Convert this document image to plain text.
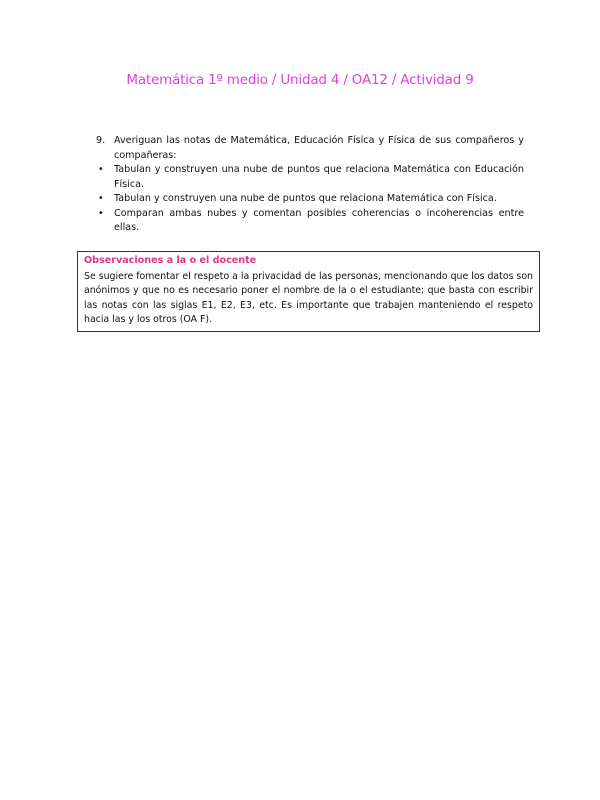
Matemática 1º medio / Unidad 4 / OA12 / Actividad 9
9. Averiguan las notas de Matemática, Educación Física y Física de sus compañeros y compañeras:
• Tabulan y construyen una nube de puntos que relaciona Matemática con Educación Física.
• Tabulan y construyen una nube de puntos que relaciona Matemática con Física.
• Comparan ambas nubes y comentan posibles coherencias o incoherencias entre ellas.
Observaciones a la o el docente
Se sugiere fomentar el respeto a la privacidad de las personas, mencionando que los datos son anónimos y que no es necesario poner el nombre de la o el estudiante; que basta con escribir las notas con las siglas E1, E2, E3, etc. Es importante que trabajen manteniendo el respeto hacia las y los otros (OA F).
